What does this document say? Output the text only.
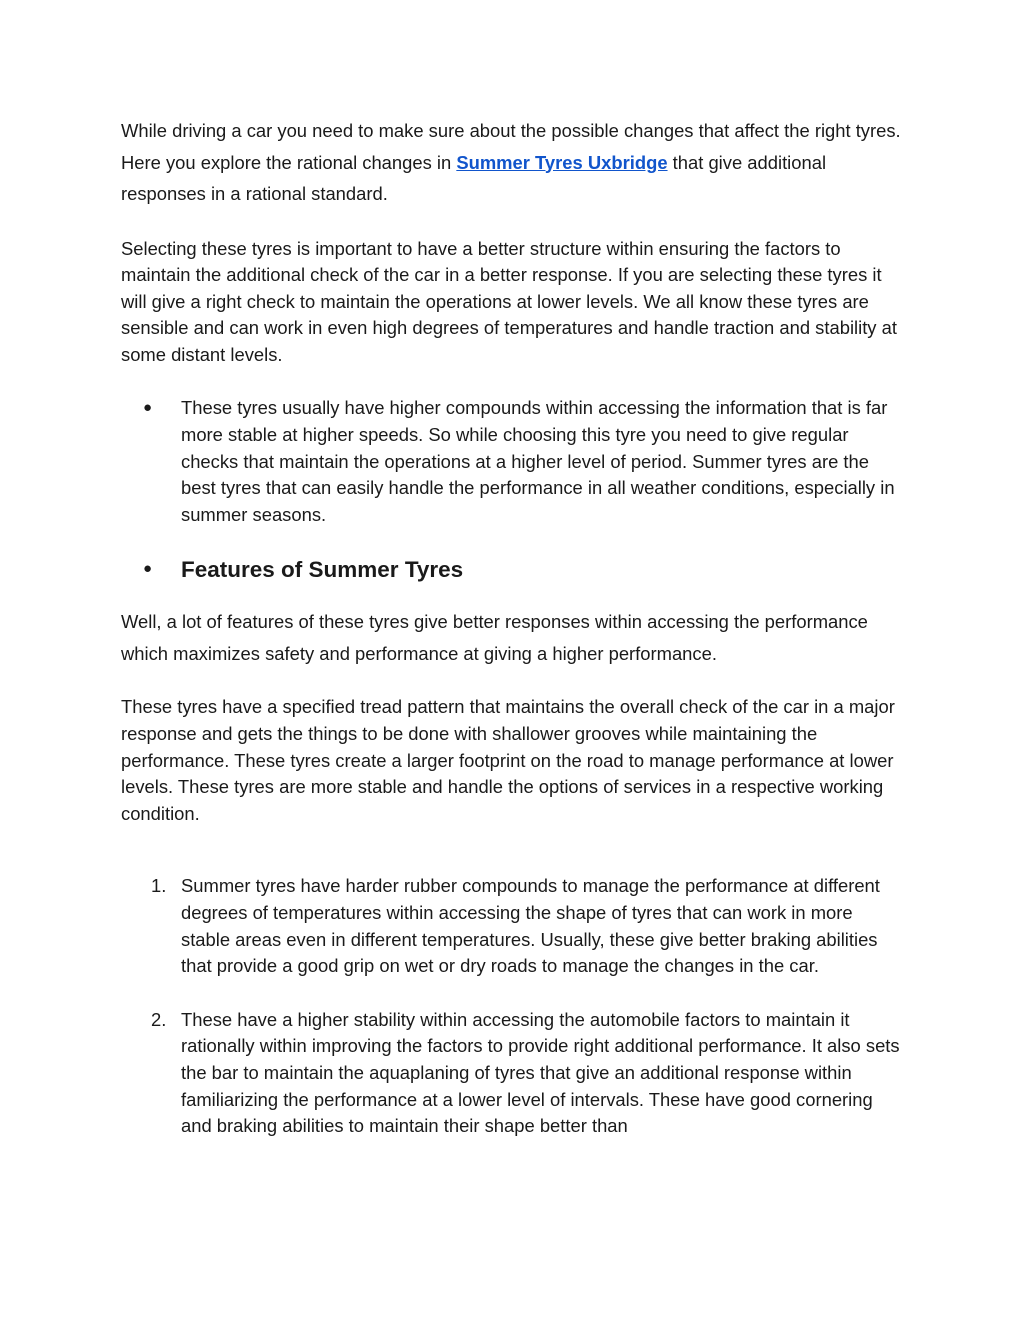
While driving a car you need to make sure about the possible changes that affect the right tyres. Here you explore the rational changes in Summer Tyres Uxbridge that give additional responses in a rational standard.

Selecting these tyres is important to have a better structure within ensuring the factors to maintain the additional check of the car in a better response. If you are selecting these tyres it will give a right check to maintain the operations at lower levels. We all know these tyres are sensible and can work in even high degrees of temperatures and handle traction and stability at some distant levels.

● These tyres usually have higher compounds within accessing the information that is far more stable at higher speeds. So while choosing this tyre you need to give regular checks that maintain the operations at a higher level of period. Summer tyres are the best tyres that can easily handle the performance in all weather conditions, especially in summer seasons.
● Features of Summer Tyres

Well, a lot of features of these tyres give better responses within accessing the performance which maximizes safety and performance at giving a higher performance.

These tyres have a specified tread pattern that maintains the overall check of the car in a major response and gets the things to be done with shallower grooves while maintaining the performance. These tyres create a larger footprint on the road to manage performance at lower levels. These tyres are more stable and handle the options of services in a respective working condition.

1. Summer tyres have harder rubber compounds to manage the performance at different degrees of temperatures within accessing the shape of tyres that can work in more stable areas even in different temperatures. Usually, these give better braking abilities that provide a good grip on wet or dry roads to manage the changes in the car.
2. These have a higher stability within accessing the automobile factors to maintain it rationally within improving the factors to provide right additional performance. It also sets the bar to maintain the aquaplaning of tyres that give an additional response within familiarizing the performance at a lower level of intervals. These have good cornering and braking abilities to maintain their shape better than
